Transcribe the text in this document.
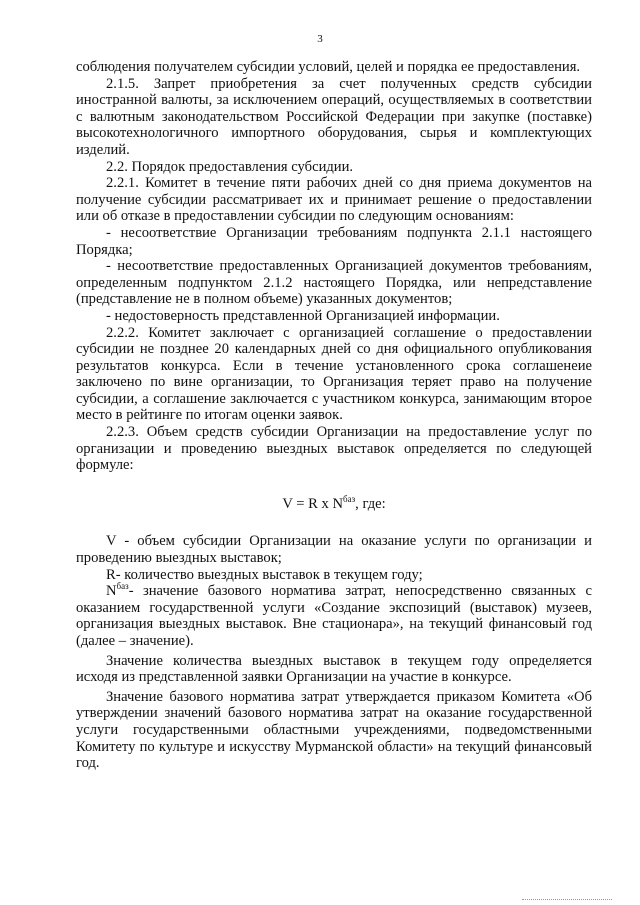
3

соблюдения получателем субсидии условий, целей и порядка ее предоставления.

2.1.5. Запрет приобретения за счет полученных средств субсидии иностранной валюты, за исключением операций, осуществляемых в соответствии с валютным законодательством Российской Федерации при закупке (поставке) высокотехнологичного импортного оборудования, сырья и комплектующих изделий.

2.2. Порядок предоставления субсидии.

2.2.1. Комитет в течение пяти рабочих дней со дня приема документов на получение субсидии рассматривает их и принимает решение о предоставлении или об отказе в предоставлении субсидии по следующим основаниям:

- несоответствие Организации требованиям подпункта 2.1.1 настоящего Порядка;

- несоответствие предоставленных Организацией документов требованиям, определенным подпунктом 2.1.2 настоящего Порядка, или непредставление (представление не в полном объеме) указанных документов;

- недостоверность представленной Организацией информации.

2.2.2. Комитет заключает с организацией соглашение о предоставлении субсидии не позднее 20 календарных дней со дня официального опубликования результатов конкурса. Если в течение установленного срока соглашенеие заключено по вине организации, то Организация теряет право на получение субсидии, а соглашение заключается с участником конкурса, занимающим второе место в рейтинге по итогам оценки заявок.

2.2.3. Объем средств субсидии Организации на предоставление услуг по организации и проведению выездных выставок определяется по следующей формуле:

V = R x $N^{баз}$, где:

V - объем субсидии Организации на оказание услуги по организации и проведению выездных выставок;

R- количество выездных выставок в текущем году;

$N^{баз}-$ значение базового норматива затрат, непосредственно связанных с оказанием государственной услуги «Создание экспозиций (выставок) музеев, организация выездных выставок. Вне стационара», на текущий финансовый год (далее – значение).

Значение количества выездных выставок в текущем году определяется исходя из представленной заявки Организации на участие в конкурсе.

Значение базового норматива затрат утверждается приказом Комитета «Об утверждении значений базового норматива затрат на оказание государственной услуги государственными областными учреждениями, подведомственными Комитету по культуре и искусству Мурманской области» на текущий финансовый год.
